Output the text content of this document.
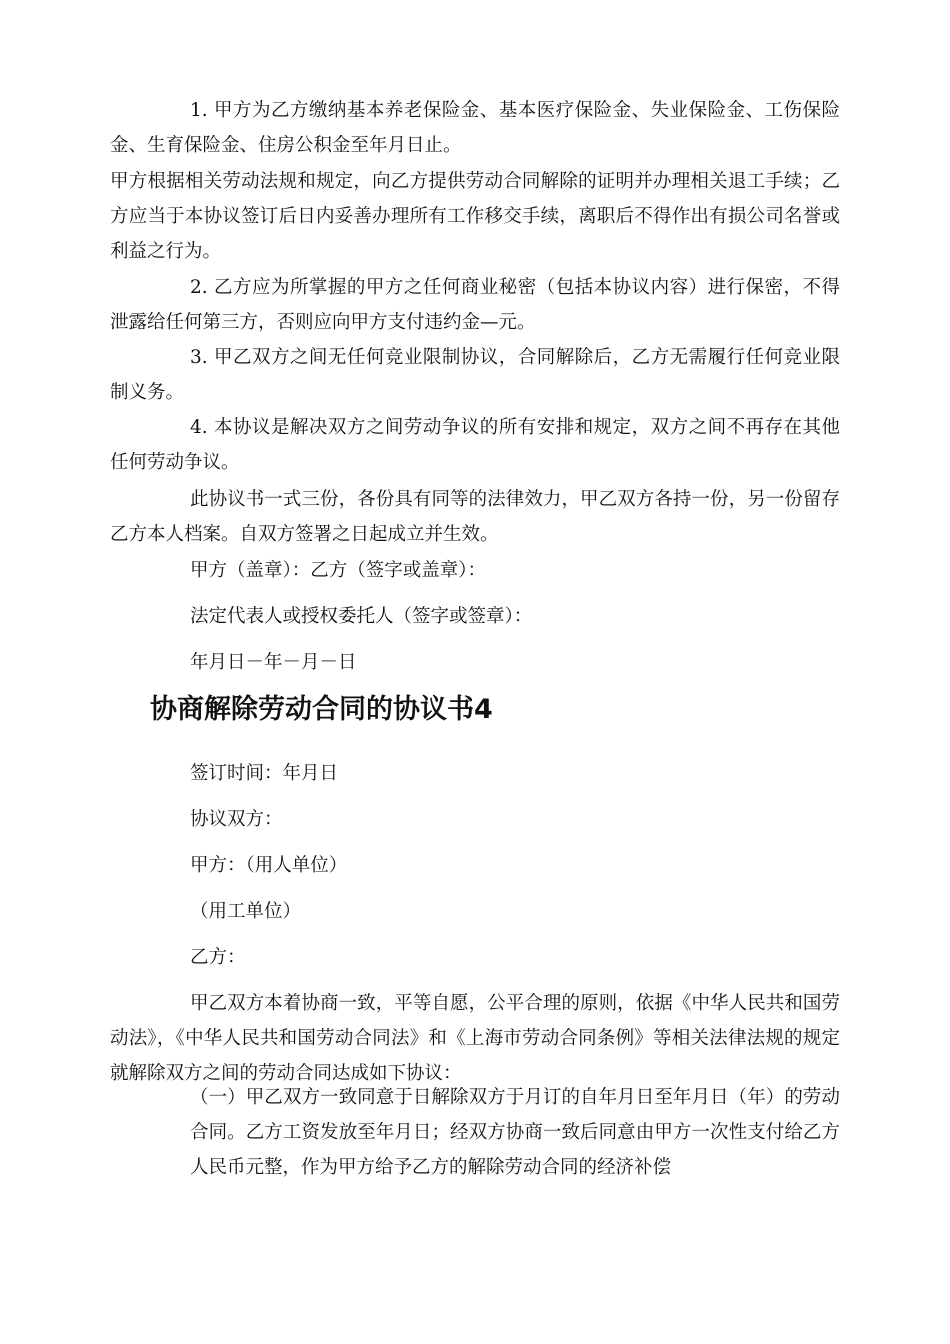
1. 甲方为乙方缴纳基本养老保险金、基本医疗保险金、失业保险金、工伤保险金、生育保险金、住房公积金至年月日止。

甲方根据相关劳动法规和规定，向乙方提供劳动合同解除的证明并办理相关退工手续；乙方应当于本协议签订后日内妥善办理所有工作移交手续，离职后不得作出有损公司名誉或利益之行为。

2. 乙方应为所掌握的甲方之任何商业秘密（包括本协议内容）进行保密，不得泄露给任何第三方，否则应向甲方支付违约金—元。

3. 甲乙双方之间无任何竞业限制协议，合同解除后，乙方无需履行任何竞业限制义务。

4. 本协议是解决双方之间劳动争议的所有安排和规定，双方之间不再存在其他任何劳动争议。

此协议书一式三份，各份具有同等的法律效力，甲乙双方各持一份，另一份留存乙方本人档案。自双方签署之日起成立并生效。

甲方（盖章）：乙方（签字或盖章）：

法定代表人或授权委托人（签字或签章）：

年月日－年－月－日

协商解除劳动合同的协议书4

签订时间：年月日

协议双方：

甲方：（用人单位）

（用工单位）

乙方：

甲乙双方本着协商一致，平等自愿，公平合理的原则，依据《中华人民共和国劳动法》，《中华人民共和国劳动合同法》和《上海市劳动合同条例》等相关法律法规的规定就解除双方之间的劳动合同达成如下协议：

（一）甲乙双方一致同意于日解除双方于月订的自年月日至年月日（年）的劳动合同。乙方工资发放至年月日；经双方协商一致后同意由甲方一次性支付给乙方人民币元整，作为甲方给予乙方的解除劳动合同的经济补偿
